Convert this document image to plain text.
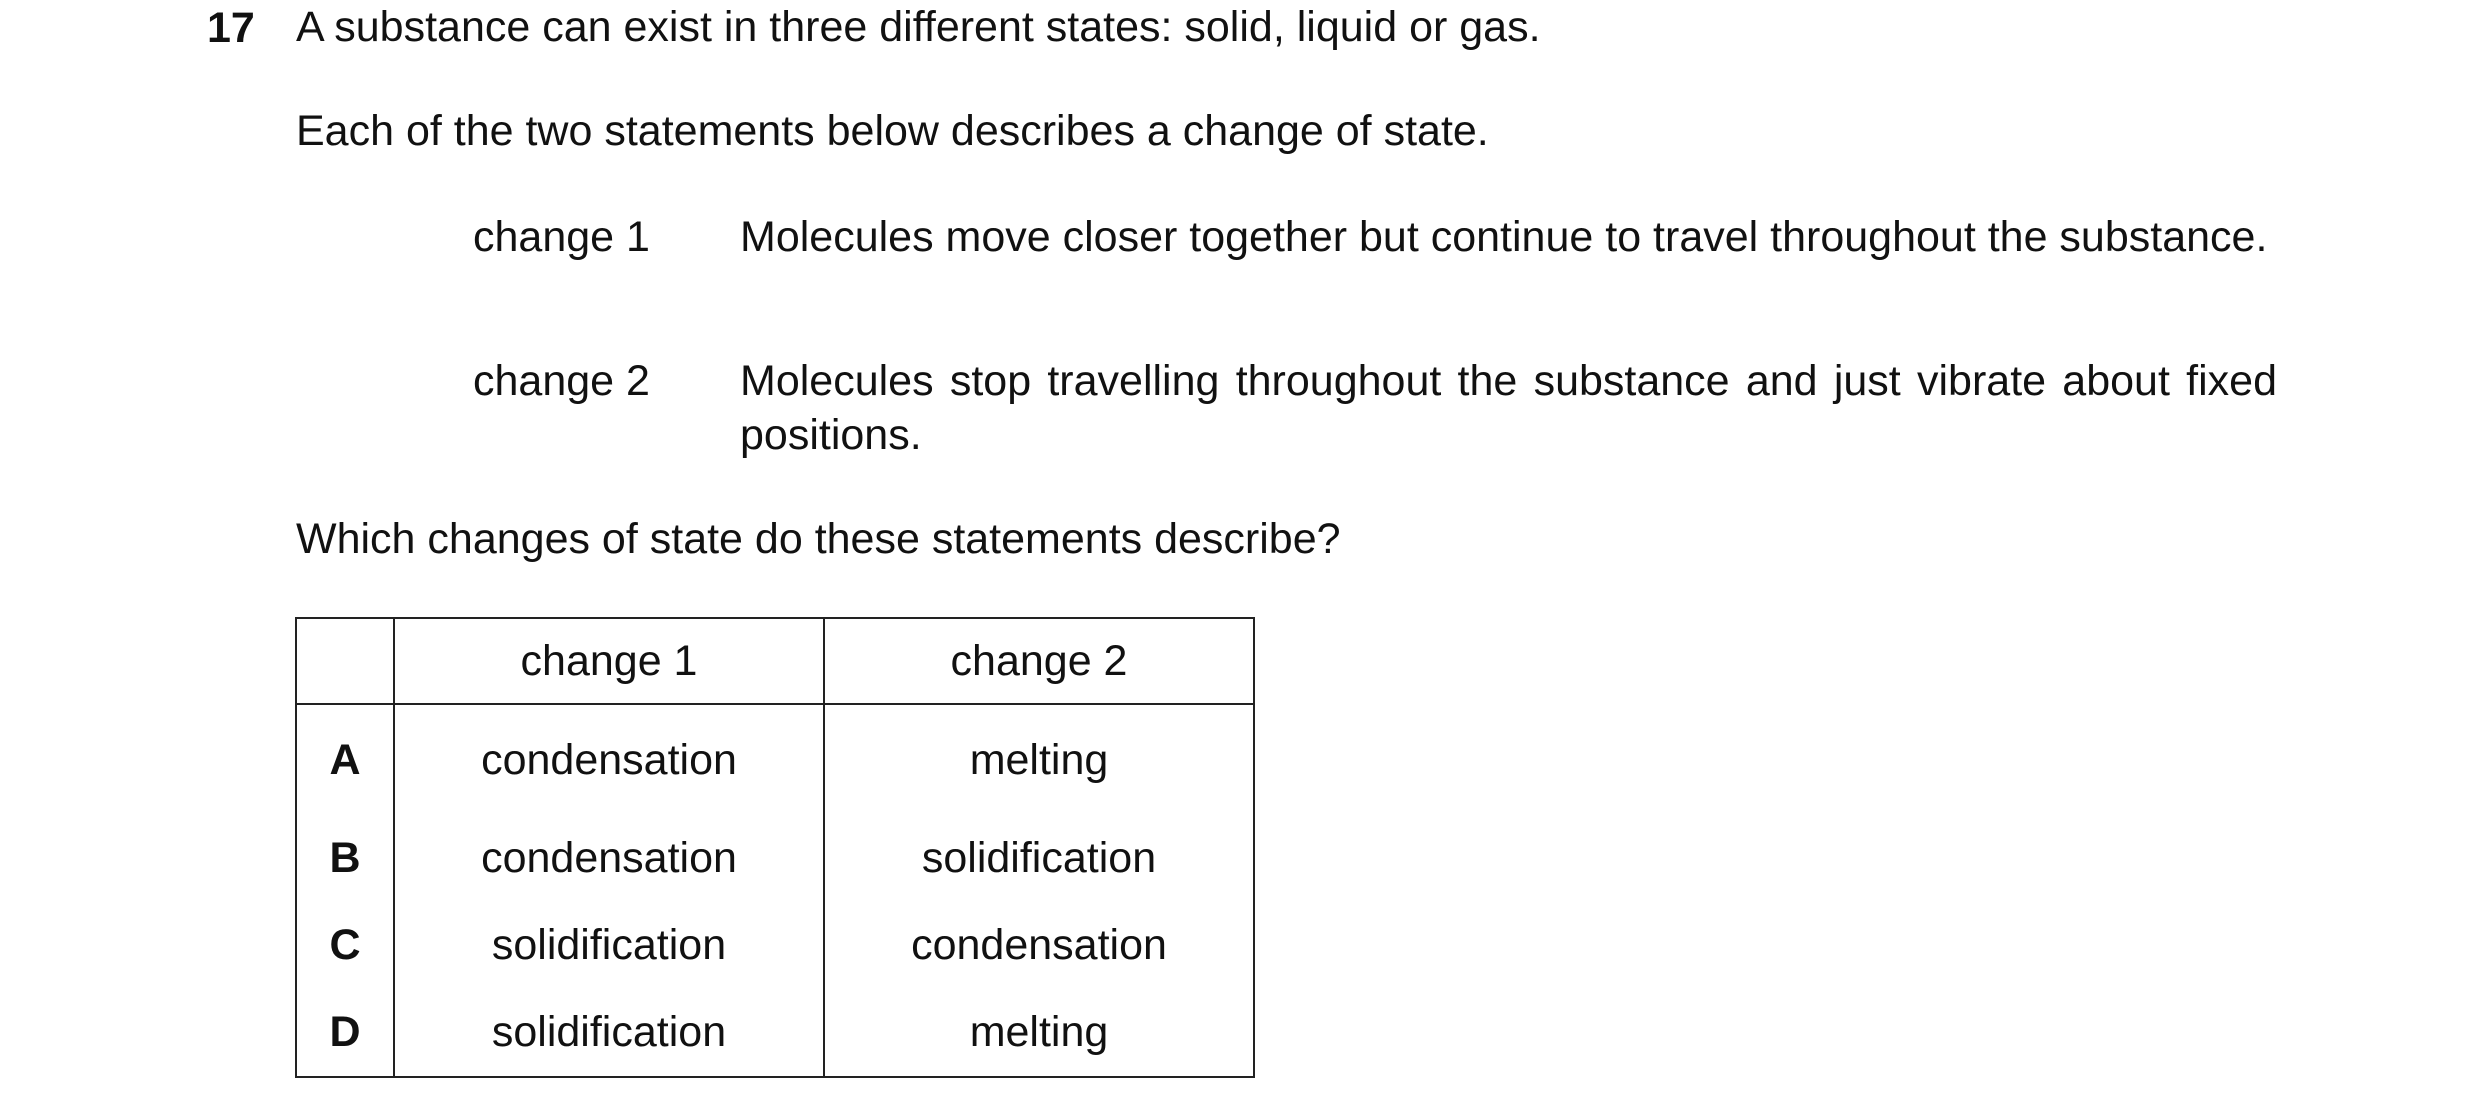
17 A substance can exist in three different states: solid, liquid or gas.
Each of the two statements below describes a change of state.
change 1 Molecules move closer together but continue to travel throughout the substance.
change 2 Molecules stop travelling throughout the substance and just vibrate about fixed positions.
Which changes of state do these statements describe?
	change 1	change 2
A	condensation	melting
B	condensation	solidification
C	solidification	condensation
D	solidification	melting
